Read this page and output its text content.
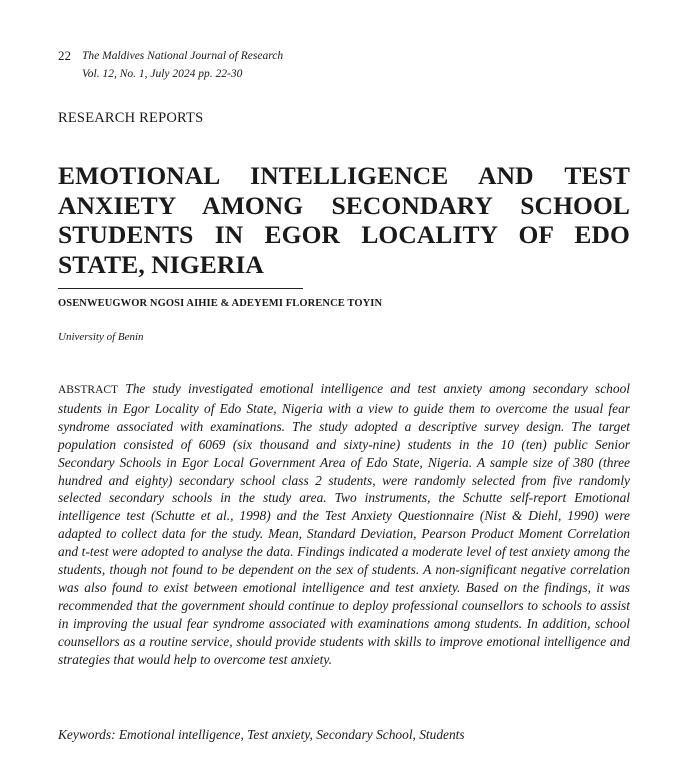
22 The Maldives National Journal of Research
Vol. 12, No. 1, July 2024 pp. 22-30
RESEARCH REPORTS
EMOTIONAL INTELLIGENCE AND TEST ANXIETY AMONG SECONDARY SCHOOL STUDENTS IN EGOR LOCALITY OF EDO STATE, NIGERIA
OSENWEUGWOR NGOSI AIHIE & ADEYEMI FLORENCE TOYIN
University of Benin

ABSTRACT The study investigated emotional intelligence and test anxiety among secondary school students in Egor Locality of Edo State, Nigeria with a view to guide them to overcome the usual fear syndrome associated with examinations. The study adopted a descriptive survey design. The target population consisted of 6069 (six thousand and sixty-nine) students in the 10 (ten) public Senior Secondary Schools in Egor Local Government Area of Edo State, Nigeria. A sample size of 380 (three hundred and eighty) secondary school class 2 students, were randomly selected from five randomly selected secondary schools in the study area. Two instruments, the Schutte self-report Emotional intelligence test (Schutte et al., 1998) and the Test Anxiety Questionnaire (Nist & Diehl, 1990) were adapted to collect data for the study. Mean, Standard Deviation, Pearson Product Moment Correlation and t-test were adopted to analyse the data. Findings indicated a moderate level of test anxiety among the students, though not found to be dependent on the sex of students. A non-significant negative correlation was also found to exist between emotional intelligence and test anxiety. Based on the findings, it was recommended that the government should continue to deploy professional counsellors to schools to assist in improving the usual fear syndrome associated with examinations among students. In addition, school counsellors as a routine service, should provide students with skills to improve emotional intelligence and strategies that would help to overcome test anxiety.

Keywords: Emotional intelligence, Test anxiety, Secondary School, Students
